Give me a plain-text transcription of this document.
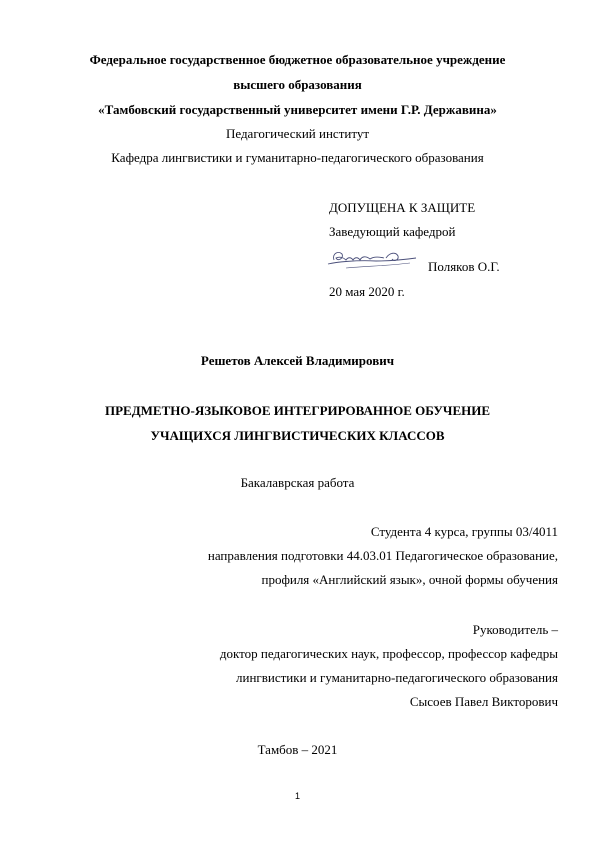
Федеральное государственное бюджетное образовательное учреждение
высшего образования
«Тамбовский государственный университет имени Г.Р. Державина»
Педагогический институт
Кафедра лингвистики и гуманитарно-педагогического образования
ДОПУЩЕНА К ЗАЩИТЕ
Заведующий кафедрой
Поляков О.Г.
20 мая 2020 г.
Решетов Алексей Владимирович
ПРЕДМЕТНО-ЯЗЫКОВОЕ ИНТЕГРИРОВАННОЕ ОБУЧЕНИЕ
УЧАЩИХСЯ ЛИНГВИСТИЧЕСКИХ КЛАССОВ
Бакалаврская работа
Студента 4 курса, группы 03/4011
направления подготовки 44.03.01 Педагогическое образование,
профиля «Английский язык», очной формы обучения
Руководитель –
доктор педагогических наук, профессор, профессор кафедры
лингвистики и гуманитарно-педагогического образования
Сысоев Павел Викторович
Тамбов – 2021
1
